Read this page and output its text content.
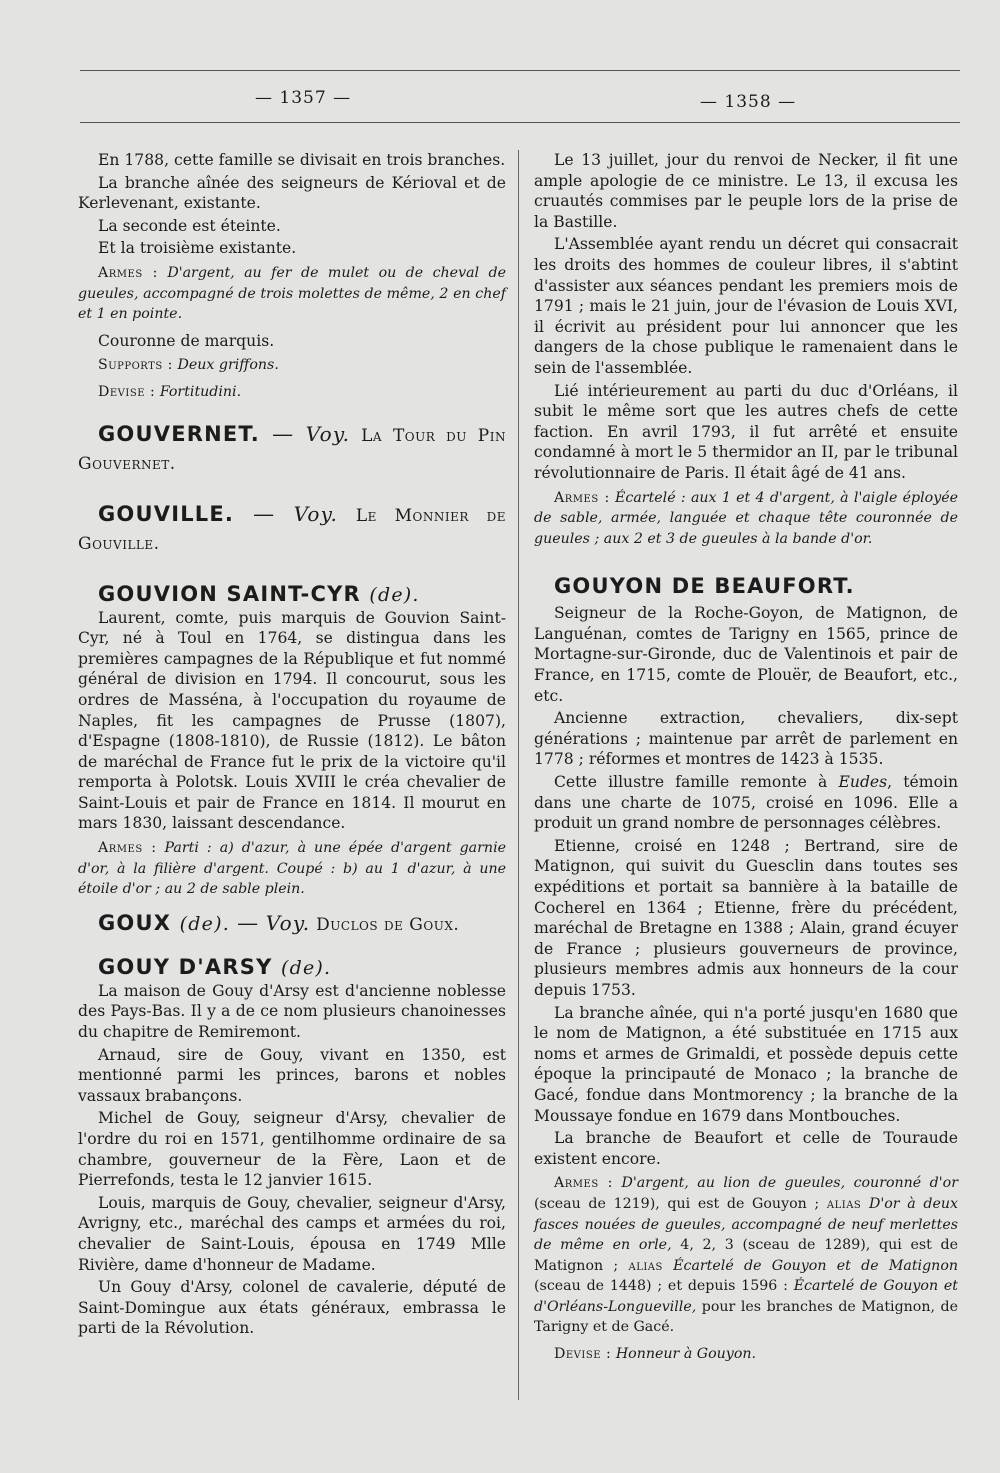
— 1357 —	— 1358 —

En 1788, cette famille se divisait en trois branches.

La branche aînée des seigneurs de Kérioval et de Kerlevenant, existante.

La seconde est éteinte.

Et la troisième existante.

Armes : D'argent, au fer de mulet ou de cheval de gueules, accompagné de trois molettes de même, 2 en chef et 1 en pointe.

Couronne de marquis.

Supports : Deux griffons.

Devise : Fortitudini.

GOUVERNET. — Voy. La Tour du Pin Gouvernet.
GOUVILLE. — Voy. Le Monnier de Gouville.
GOUVION SAINT-CYR (de).

Laurent, comte, puis marquis de Gouvion Saint-Cyr, né à Toul en 1764, se distingua dans les premières campagnes de la République et fut nommé général de division en 1794. Il concourut, sous les ordres de Masséna, à l'occupation du royaume de Naples, fit les campagnes de Prusse (1807), d'Espagne (1808-1810), de Russie (1812). Le bâton de maréchal de France fut le prix de la victoire qu'il remporta à Polotsk. Louis XVIII le créa chevalier de Saint-Louis et pair de France en 1814. Il mourut en mars 1830, laissant descendance.

Armes : Parti : a) d'azur, à une épée d'argent garnie d'or, à la filière d'argent. Coupé : b) au 1 d'azur, à une étoile d'or ; au 2 de sable plein.

GOUX (de). — Voy. Duclos de Goux.
GOUY D'ARSY (de).

La maison de Gouy d'Arsy est d'ancienne noblesse des Pays-Bas. Il y a de ce nom plusieurs chanoinesses du chapitre de Remiremont.

Arnaud, sire de Gouy, vivant en 1350, est mentionné parmi les princes, barons et nobles vassaux brabançons.

Michel de Gouy, seigneur d'Arsy, chevalier de l'ordre du roi en 1571, gentilhomme ordinaire de sa chambre, gouverneur de la Fère, Laon et de Pierrefonds, testa le 12 janvier 1615.

Louis, marquis de Gouy, chevalier, seigneur d'Arsy, Avrigny, etc., maréchal des camps et armées du roi, chevalier de Saint-Louis, épousa en 1749 Mlle Rivière, dame d'honneur de Madame.

Un Gouy d'Arsy, colonel de cavalerie, député de Saint-Domingue aux états généraux, embrassa le parti de la Révolution.

Le 13 juillet, jour du renvoi de Necker, il fit une ample apologie de ce ministre. Le 13, il excusa les cruautés commises par le peuple lors de la prise de la Bastille.

L'Assemblée ayant rendu un décret qui consacrait les droits des hommes de couleur libres, il s'abtint d'assister aux séances pendant les premiers mois de 1791 ; mais le 21 juin, jour de l'évasion de Louis XVI, il écrivit au président pour lui annoncer que les dangers de la chose publique le ramenaient dans le sein de l'assemblée.

Lié intérieurement au parti du duc d'Orléans, il subit le même sort que les autres chefs de cette faction. En avril 1793, il fut arrêté et ensuite condamné à mort le 5 thermidor an II, par le tribunal révolutionnaire de Paris. Il était âgé de 41 ans.

Armes : Écartelé : aux 1 et 4 d'argent, à l'aigle éployée de sable, armée, languée et chaque tête couronnée de gueules ; aux 2 et 3 de gueules à la bande d'or.

GOUYON DE BEAUFORT.

Seigneur de la Roche-Goyon, de Matignon, de Languénan, comtes de Tarigny en 1565, prince de Mortagne-sur-Gironde, duc de Valentinois et pair de France, en 1715, comte de Plouër, de Beaufort, etc., etc.

Ancienne extraction, chevaliers, dix-sept générations ; maintenue par arrêt de parlement en 1778 ; réformes et montres de 1423 à 1535.

Cette illustre famille remonte à Eudes, témoin dans une charte de 1075, croisé en 1096. Elle a produit un grand nombre de personnages célèbres.

Etienne, croisé en 1248 ; Bertrand, sire de Matignon, qui suivit du Guesclin dans toutes ses expéditions et portait sa bannière à la bataille de Cocherel en 1364 ; Etienne, frère du précédent, maréchal de Bretagne en 1388 ; Alain, grand écuyer de France ; plusieurs gouverneurs de province, plusieurs membres admis aux honneurs de la cour depuis 1753.

La branche aînée, qui n'a porté jusqu'en 1680 que le nom de Matignon, a été substituée en 1715 aux noms et armes de Grimaldi, et possède depuis cette époque la principauté de Monaco ; la branche de Gacé, fondue dans Montmorency ; la branche de la Moussaye fondue en 1679 dans Montbouches.

La branche de Beaufort et celle de Touraude existent encore.

Armes : D'argent, au lion de gueules, couronné d'or (sceau de 1219), qui est de Gouyon ; alias D'or à deux fasces nouées de gueules, accompagné de neuf merlettes de même en orle, 4, 2, 3 (sceau de 1289), qui est de Matignon ; alias Écartelé de Gouyon et de Matignon (sceau de 1448) ; et depuis 1596 : Écartelé de Gouyon et d'Orléans-Longueville, pour les branches de Matignon, de Tarigny et de Gacé.

Devise : Honneur à Gouyon.
